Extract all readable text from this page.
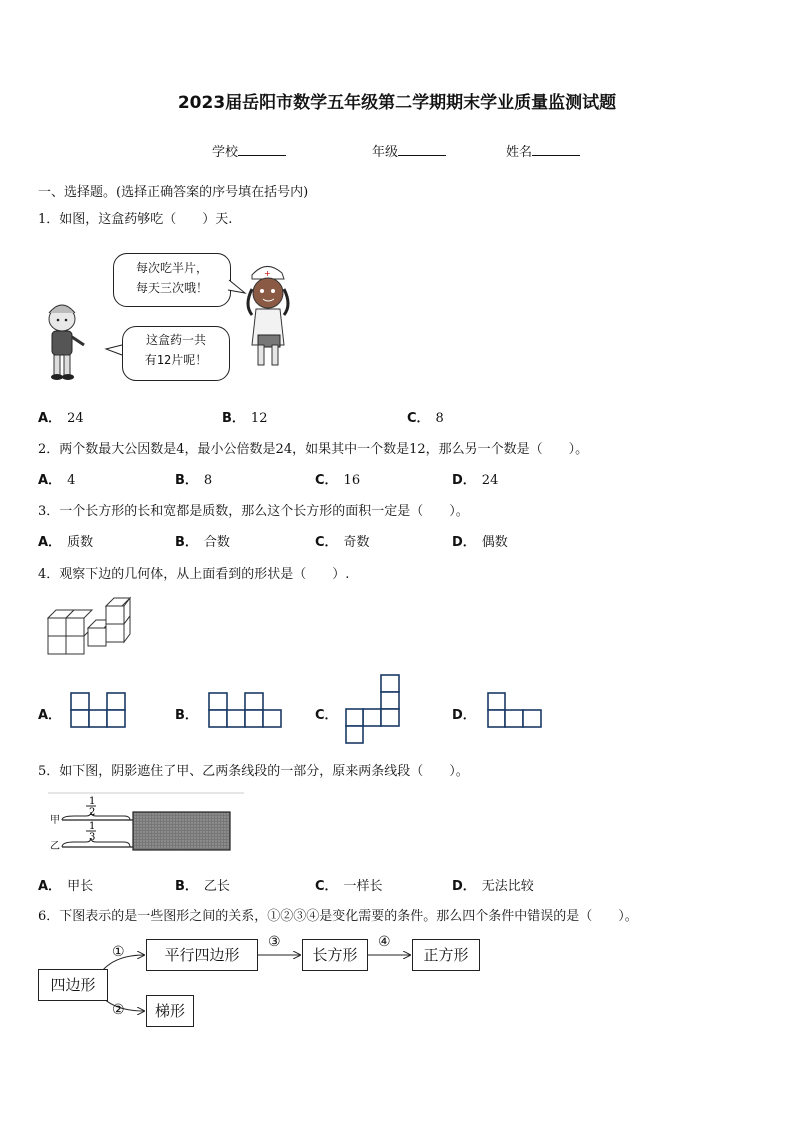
2023届岳阳市数学五年级第二学期期末学业质量监测试题
学校	年级	姓名
一、选择题。(选择正确答案的序号填在括号内)
1．如图，这盒药够吃（　　）天.
每次吃半片，
每天三次哦！
这盒药一共
有12片呢！
+
A． 24	B． 12	C． 8
2．两个数最大公因数是4，最小公倍数是24，如果其中一个数是12，那么另一个数是（　　）。
A． 4	B． 8	C． 16	D． 24
3．一个长方形的长和宽都是质数，那么这个长方形的面积一定是（　　）。
A． 质数	B． 合数	C． 奇数	D． 偶数
4．观察下边的几何体，从上面看到的形状是（　　）.
A．	B．	C．	D．
5．如下图，阴影遮住了甲、乙两条线段的一部分，原来两条线段（　　）。
1
2
甲
1
3
乙
A． 甲长	B． 乙长	C． 一样长	D． 无法比较
6．下图表示的是一些图形之间的关系，①②③④是变化需要的条件。那么四个条件中错误的是（　　）。
四边形
平行四边形	长方形	正方形
梯形
①
②
③	④
